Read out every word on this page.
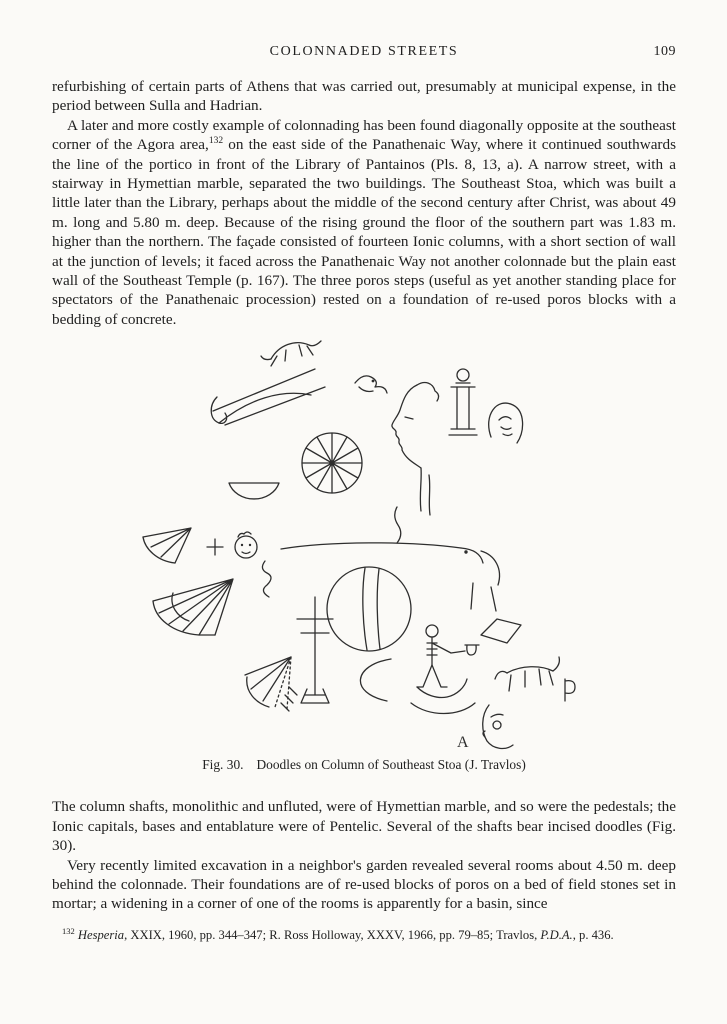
COLONNADED STREETS	109

refurbishing of certain parts of Athens that was carried out, presumably at municipal expense, in the period between Sulla and Hadrian.

A later and more costly example of colonnading has been found diagonally opposite at the southeast corner of the Agora area,$^{132}$ on the east side of the Panathenaic Way, where it continued southwards the line of the portico in front of the Library of Pantainos (Pls. 8, 13, a). A narrow street, with a stairway in Hymettian marble, separated the two buildings. The Southeast Stoa, which was built a little later than the Library, perhaps about the middle of the second century after Christ, was about 49 m. long and 5.80 m. deep. Because of the rising ground the floor of the southern part was 1.83 m. higher than the northern. The façade consisted of fourteen Ionic columns, with a short section of wall at the junction of levels; it faced across the Panathenaic Way not another colonnade but the plain east wall of the Southeast Temple (p. 167). The three poros steps (useful as yet another standing place for spectators of the Panathenaic procession) rested on a foundation of re-used poros blocks with a bedding of concrete.

A
Fig. 30. Doodles on Column of Southeast Stoa (J. Travlos)

The column shafts, monolithic and unfluted, were of Hymettian marble, and so were the pedestals; the Ionic capitals, bases and entablature were of Pentelic. Several of the shafts bear incised doodles (Fig. 30).

Very recently limited excavation in a neighbor's garden revealed several rooms about 4.50 m. deep behind the colonnade. Their foundations are of re-used blocks of poros on a bed of field stones set in mortar; a widening in a corner of one of the rooms is apparently for a basin, since

$^{132}$ Hesperia, XXIX, 1960, pp. 344–347; R. Ross Holloway, XXXV, 1966, pp. 79–85; Travlos, P.D.A., p. 436.
